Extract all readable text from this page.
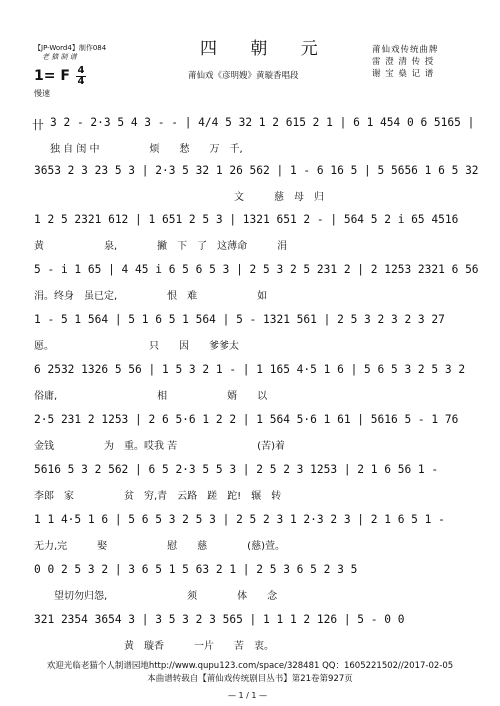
【JP-Word4】制作084
老 猫 制 谱	四 朝 元
莆仙戏《彦明嫂》黄璇香唱段
莆仙戏传统曲牌
雷 澄 清 传 授
谢 宝 燊 记 谱
1= F 4
4
慢速
卄 3 2 - 2·3 5 4 3 - - | 4/4 5 32 1 2 615 2 1 | 6 1 454 0 6 5165 |
独 自 闺 中　　　　　烦　　愁　　万　千,
3653 2 3 23 5 3 | 2·3 5 32 1 26 562 | 1 - 6 16 5 | 5 5656 1 6 5 32
　　　　　　　　　　　　　　　　　　　　文　　　慈　母　归
1 2 5 2321 612 | 1 651 2 5 3 | 1321 651 2 - | 564 5 2 i 65 4516
黄　　　　　　泉,　　　　撇　下　了　这薄命　　　涓
5 - i 1 65 | 4 45 i 6 5 6 5 3 | 2 5 3 2 5 231 2 | 2 1253 2321 6 56
涓。终身　虽已定,　　　　　恨　难　　　　　　如
1 - 5 1 564 | 5 1 6 5 1 564 | 5 - 1321 561 | 2 5 3 2 3 2 3 27
愿。　　　　　　　　　　只　　因　　爹爹太
6 2532 1326 5 56 | 1 5 3 2 1 - | 1 165 4·5 1 6 | 5 6 5 3 2 5 3 2
俗庸,　　　　　　　　　　相　　　　　　婿　　以
2·5 231 2 1253 | 2 6 5·6 1 2 2 | 1 564 5·6 1 61 | 5616 5 - 1 76
金钱　　　　　为　重。哎我 苦　　　　　　　　(苦)着
5616 5 3 2 562 | 6 5 2·3 5 5 3 | 2 5 2 3 1253 | 2 1 6 56 1 -
李郎　家　　　　　贫　穷,青　云路　蹉　跎!　辗　转
1 1 4·5 1 6 | 5 6 5 3 2 5 3 | 2 5 2 3 1 2·3 2 3 | 2 1 6 5 1 -
无力,完　　　娶　　　　　　慰　　慈　　　　(慈)萱。
0 0 2 5 3 2 | 3 6 5 1 5 63 2 1 | 2 5 3 6 5 2 3 5
　　望切勿归怨,　　　　　　　　须　　　　体　　念
321 2354 3654 3 | 3 5 3 2 3 565 | 1 1 1 2 126 | 5 - 0 0
　　　　　　　　　黄　璇香　　　一片　　苦　衷。
欢迎光临老猫个人制谱园地http://www.qupu123.com/space/328481 QQ：1605221502//2017-02-05
本曲谱转载自【莆仙戏传统剧目丛书】第21卷第927页
— 1 / 1 —
